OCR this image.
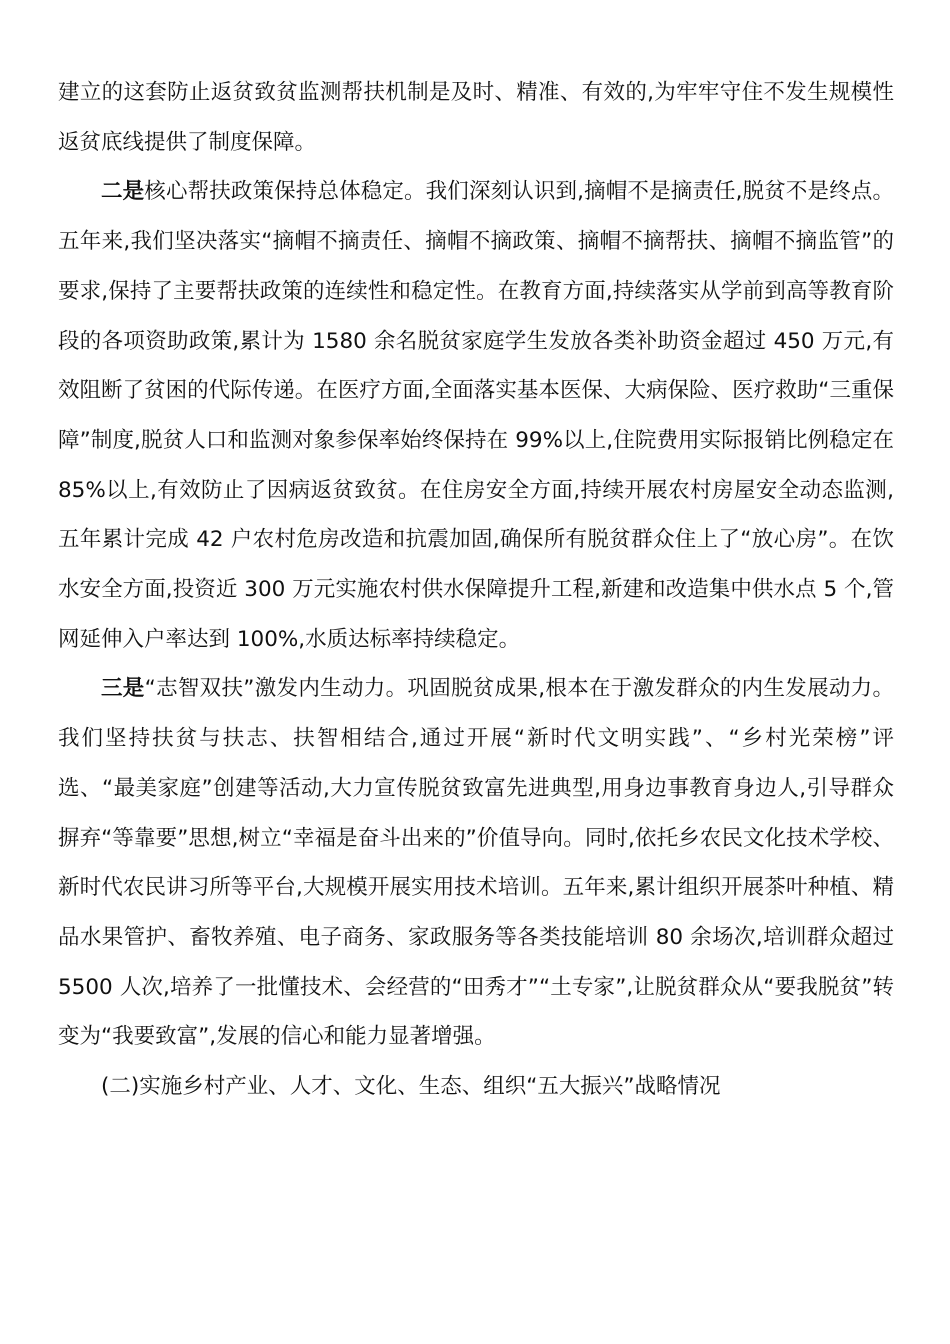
建立的这套防止返贫致贫监测帮扶机制是及时、精准、有效的,为牢牢守住不发生规模性返贫底线提供了制度保障。

二是核心帮扶政策保持总体稳定。我们深刻认识到,摘帽不是摘责任,脱贫不是终点。五年来,我们坚决落实“摘帽不摘责任、摘帽不摘政策、摘帽不摘帮扶、摘帽不摘监管”的要求,保持了主要帮扶政策的连续性和稳定性。在教育方面,持续落实从学前到高等教育阶段的各项资助政策,累计为 1580 余名脱贫家庭学生发放各类补助资金超过 450 万元,有效阻断了贫困的代际传递。在医疗方面,全面落实基本医保、大病保险、医疗救助“三重保障”制度,脱贫人口和监测对象参保率始终保持在 99%以上,住院费用实际报销比例稳定在85%以上,有效防止了因病返贫致贫。在住房安全方面,持续开展农村房屋安全动态监测,五年累计完成 42 户农村危房改造和抗震加固,确保所有脱贫群众住上了“放心房”。在饮水安全方面,投资近 300 万元实施农村供水保障提升工程,新建和改造集中供水点 5 个,管网延伸入户率达到 100%,水质达标率持续稳定。

三是“志智双扶”激发内生动力。巩固脱贫成果,根本在于激发群众的内生发展动力。我们坚持扶贫与扶志、扶智相结合,通过开展“新时代文明实践”、“乡村光荣榜”评选、“最美家庭”创建等活动,大力宣传脱贫致富先进典型,用身边事教育身边人,引导群众摒弃“等靠要”思想,树立“幸福是奋斗出来的”价值导向。同时,依托乡农民文化技术学校、新时代农民讲习所等平台,大规模开展实用技术培训。五年来,累计组织开展茶叶种植、精品水果管护、畜牧养殖、电子商务、家政服务等各类技能培训 80 余场次,培训群众超过 5500 人次,培养了一批懂技术、会经营的“田秀才”“土专家”,让脱贫群众从“要我脱贫”转变为“我要致富”,发展的信心和能力显著增强。

(二)实施乡村产业、人才、文化、生态、组织“五大振兴”战略情况
